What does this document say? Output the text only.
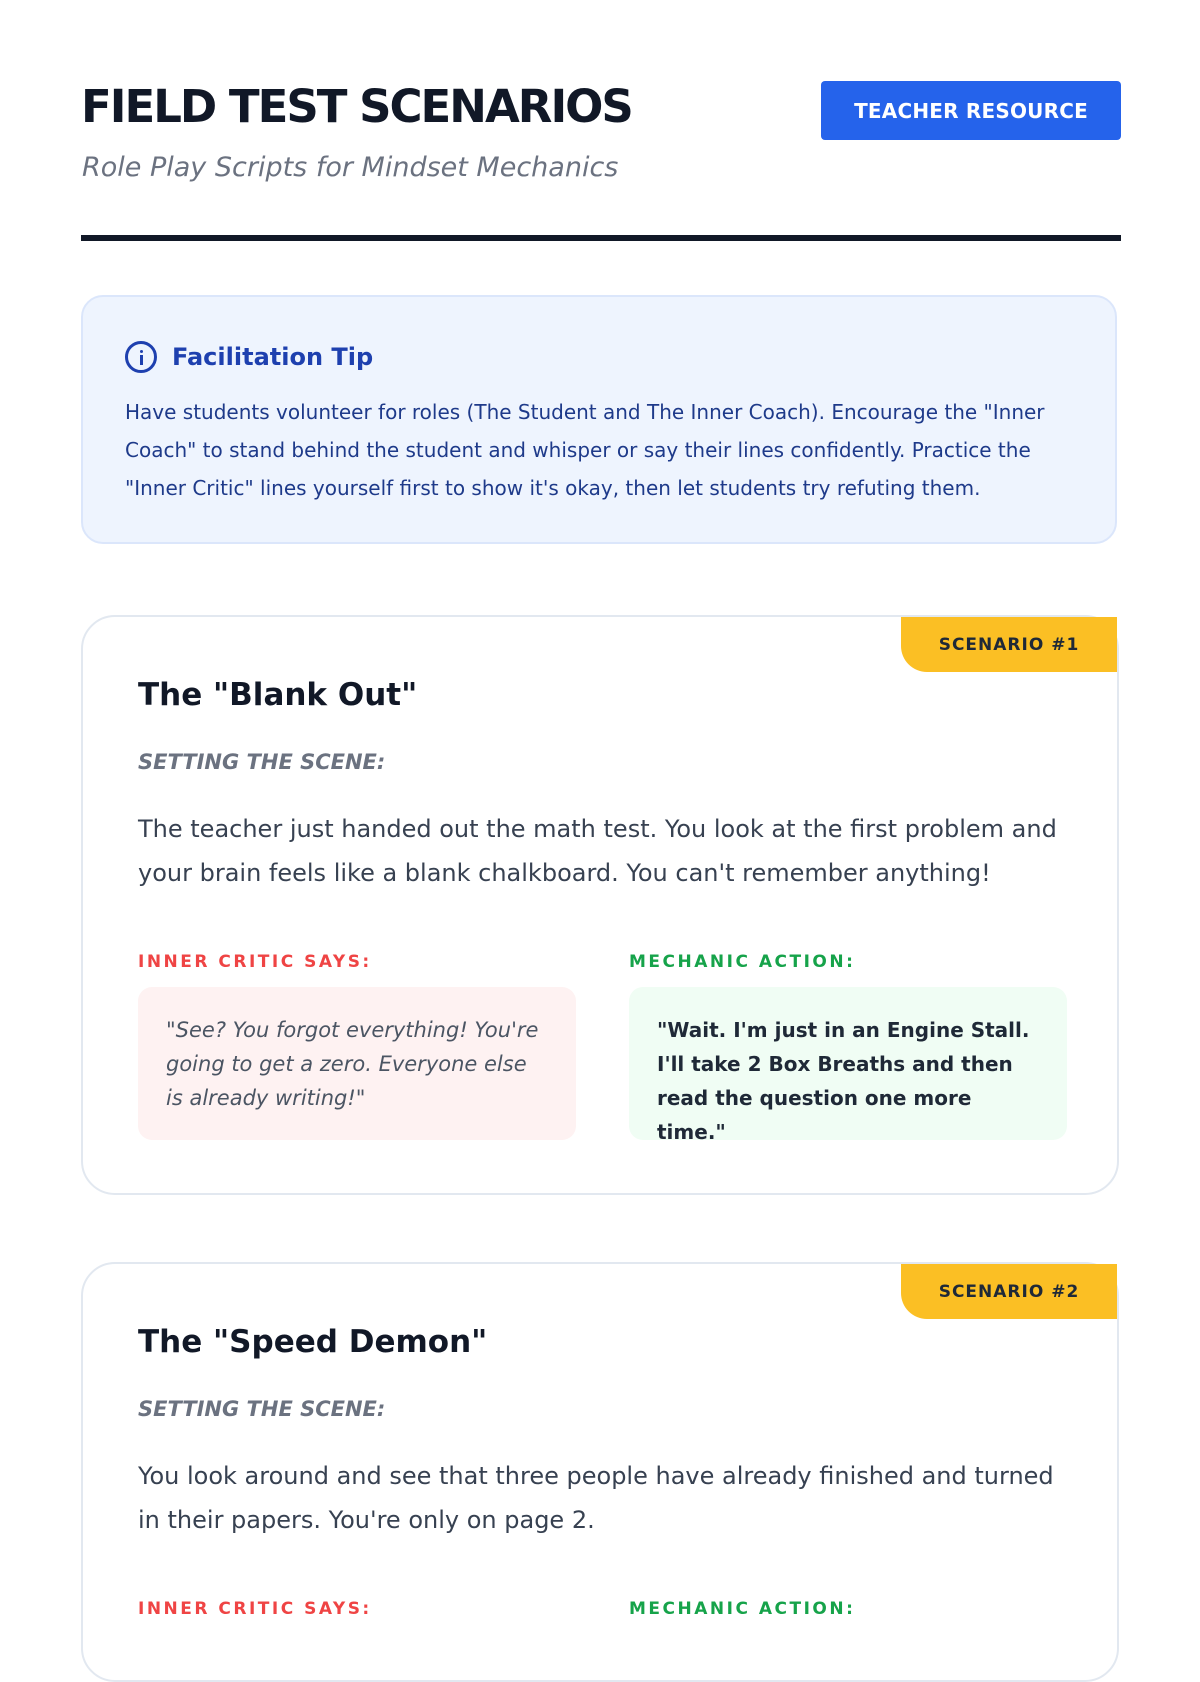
FIELD TEST SCENARIOS

Role Play Scripts for Mindset Mechanics

TEACHER RESOURCE
Facilitation Tip

Have students volunteer for roles (The Student and The Inner Coach). Encourage the "Inner Coach" to stand behind the student and whisper or say their lines confidently. Practice the "Inner Critic" lines yourself first to show it's okay, then let students try refuting them.

SCENARIO #1
The "Blank Out"

SETTING THE SCENE:

The teacher just handed out the math test. You look at the first problem and your brain feels like a blank chalkboard. You can't remember anything!

INNER CRITIC SAYS:	MECHANIC ACTION:

"See? You forgot everything! You're going to get a zero. Everyone else is already writing!"

"Wait. I'm just in an Engine Stall. I'll take 2 Box Breaths and then read the question one more time."

SCENARIO #2
The "Speed Demon"

SETTING THE SCENE:

You look around and see that three people have already finished and turned in their papers. You're only on page 2.

INNER CRITIC SAYS:	MECHANIC ACTION:
